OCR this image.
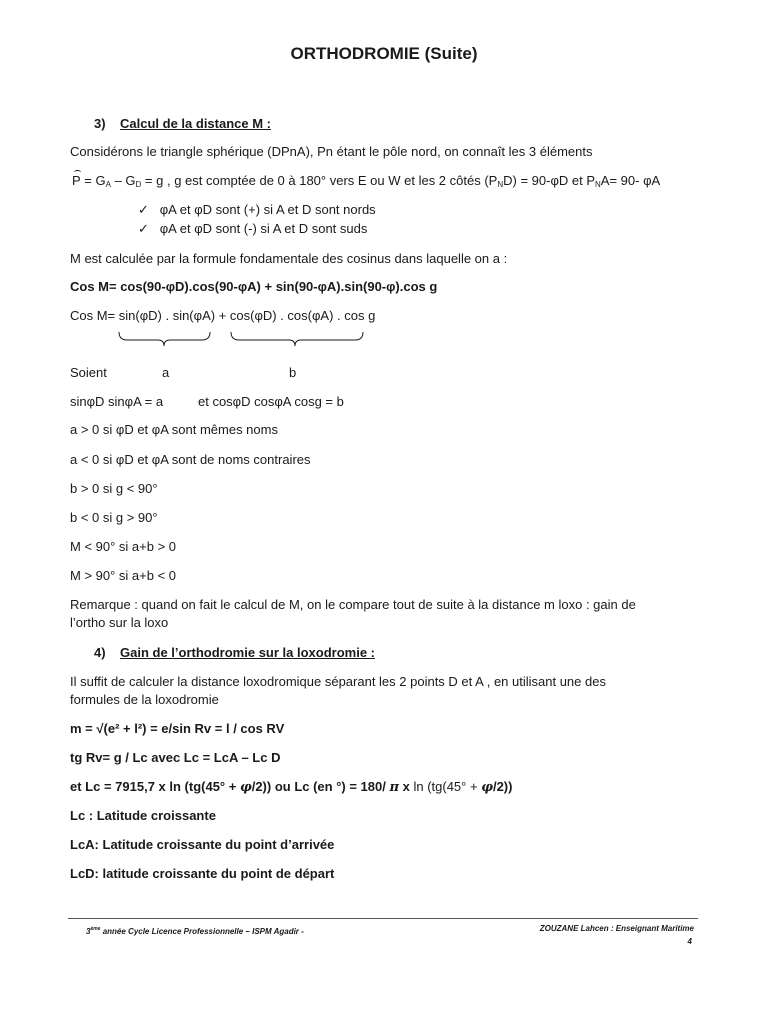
ORTHODROMIE (Suite)
3) Calcul de la distance M :
Considérons le triangle sphérique (DPnA), Pn étant le pôle nord, on connaît les 3 éléments
$P = G_A - G_D = g$ , g est comptée de 0 à 180° vers E ou W et les 2 côtés $(P_ND) = 90-\varphi D$ et $P_NA= 90-$ φA
✓ φA et φD sont (+) si A et D sont nords
✓ φA et φD sont (-) si A et D sont suds
M est calculée par la formule fondamentale des cosinus dans laquelle on a :
Cos M= cos(90-φD).cos(90-φA) + sin(90-φA).sin(90-φ).cos g
Cos M= sin(φD) . sin(φA) + cos(φD) . cos(φA) . cos g
Soient	a	b
sinφD sinφA = a	et cosφD cosφA cosg = b
a > 0 si φD et φA sont mêmes noms
a < 0 si φD et φA sont de noms contraires
b > 0 si g < 90°
b < 0 si g > 90°
M < 90° si a+b > 0
M > 90° si a+b < 0
Remarque : quand on fait le calcul de M, on le compare tout de suite à la distance m loxo : gain de
l’ortho sur la loxo
4) Gain de l’orthodromie sur la loxodromie :
Il suffit de calculer la distance loxodromique séparant les 2 points D et A , en utilisant une des
formules de la loxodromie
m = √(e² + l²) = e/sin Rv = l / cos RV
tg Rv= g / Lc avec Lc = LcA – Lc D
et Lc = 7915,7 x ln (tg(45° + φ/2)) ou Lc (en °) = 180/ π x ln (tg(45° + φ/2))
Lc : Latitude croissante
LcA: Latitude croissante du point d’arrivée
LcD: latitude croissante du point de départ
3ème année Cycle Licence Professionnelle – ISPM Agadir -	ZOUZANE Lahcen : Enseignant Maritime
4
